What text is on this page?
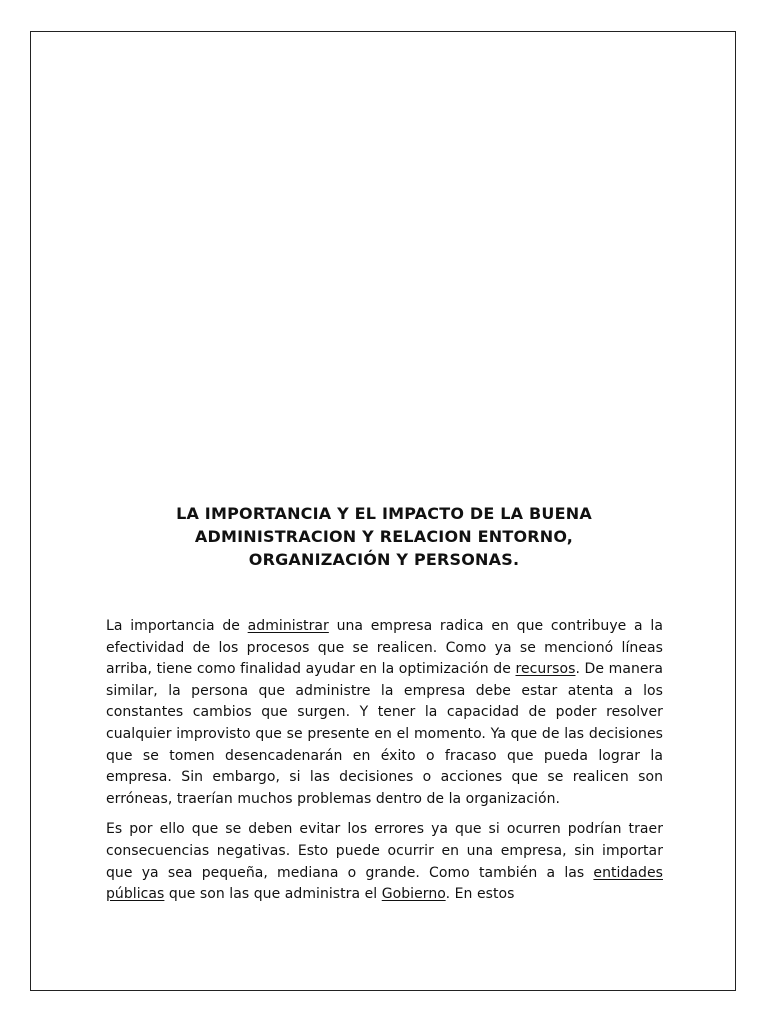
LA IMPORTANCIA Y EL IMPACTO DE LA BUENA
ADMINISTRACION Y RELACION ENTORNO,
ORGANIZACIÓN Y PERSONAS.

La importancia de administrar una empresa radica en que contribuye a la efectividad de los procesos que se realicen. Como ya se mencionó líneas arriba, tiene como finalidad ayudar en la optimización de recursos. De manera similar, la persona que administre la empresa debe estar atenta a los constantes cambios que surgen. Y tener la capacidad de poder resolver cualquier improvisto que se presente en el momento. Ya que de las decisiones que se tomen desencadenarán en éxito o fracaso que pueda lograr la empresa. Sin embargo, si las decisiones o acciones que se realicen son erróneas, traerían muchos problemas dentro de la organización.

Es por ello que se deben evitar los errores ya que si ocurren podrían traer consecuencias negativas. Esto puede ocurrir en una empresa, sin importar que ya sea pequeña, mediana o grande. Como también a las entidades públicas que son las que administra el Gobierno. En estos
